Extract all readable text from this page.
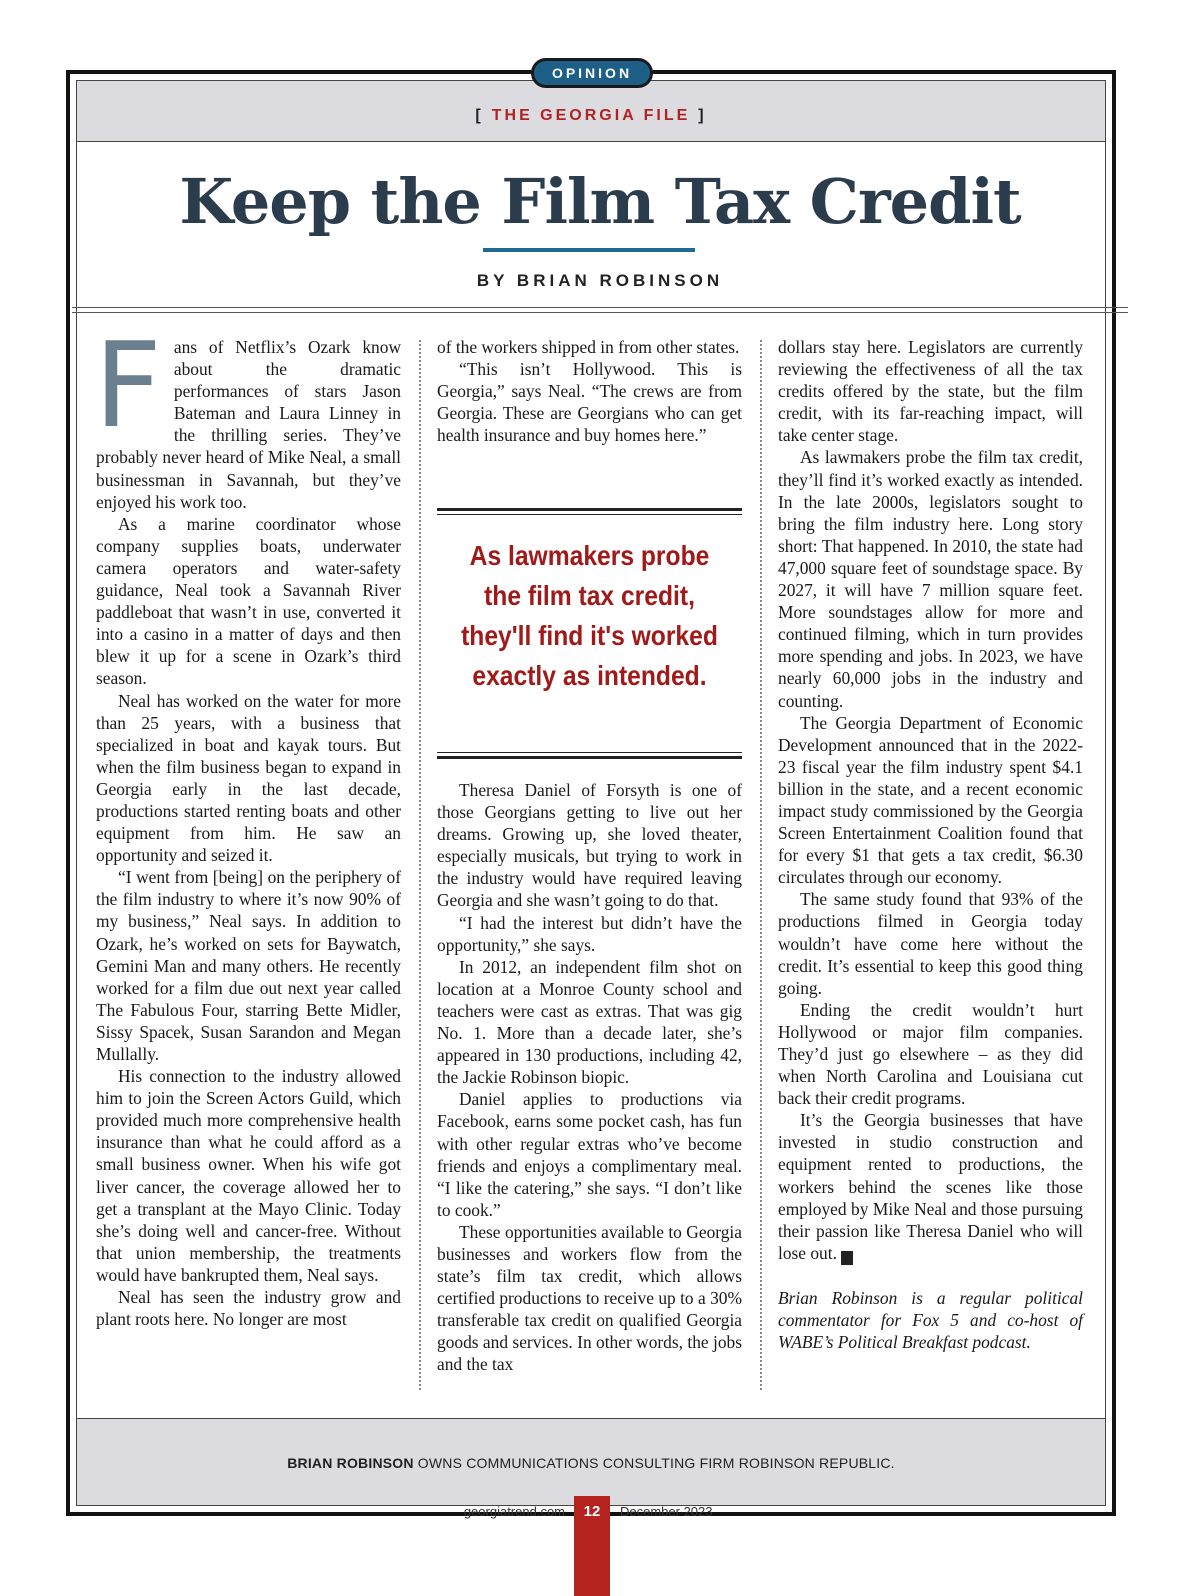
[ THE GEORGIA FILE ]
BRIAN ROBINSON OWNS COMMUNICATIONS CONSULTING FIRM ROBINSON REPUBLIC.
OPINION
Keep the Film Tax Credit
BY BRIAN ROBINSON

Fans of Netflix’s Ozark know about the dramatic performances of stars Jason Bateman and Laura Linney in the thrilling series. They’ve probably never heard of Mike Neal, a small businessman in Savannah, but they’ve enjoyed his work too.

As a marine coordinator whose company supplies boats, underwater camera operators and water-safety guidance, Neal took a Savannah River paddleboat that wasn’t in use, converted it into a casino in a matter of days and then blew it up for a scene in Ozark’s third season.

Neal has worked on the water for more than 25 years, with a business that specialized in boat and kayak tours. But when the film business began to expand in Georgia early in the last decade, productions started renting boats and other equipment from him. He saw an opportunity and seized it.

“I went from [being] on the periphery of the film industry to where it’s now 90% of my business,” Neal says. In addition to Ozark, he’s worked on sets for Baywatch, Gemini Man and many others. He recently worked for a film due out next year called The Fabulous Four, starring Bette Midler, Sissy Spacek, Susan Sarandon and Megan Mullally.

His connection to the industry allowed him to join the Screen Actors Guild, which provided much more comprehensive health insurance than what he could afford as a small business owner. When his wife got liver cancer, the coverage allowed her to get a transplant at the Mayo Clinic. Today she’s doing well and cancer-free. Without that union membership, the treatments would have bankrupted them, Neal says.

Neal has seen the industry grow and plant roots here. No longer are most

of the workers shipped in from other states.

“This isn’t Hollywood. This is Georgia,” says Neal. “The crews are from Georgia. These are Georgians who can get health insurance and buy homes here.”

As lawmakers probe the film tax credit, they'll find it's worked exactly as intended.

Theresa Daniel of Forsyth is one of those Georgians getting to live out her dreams. Growing up, she loved theater, especially musicals, but trying to work in the industry would have required leaving Georgia and she wasn’t going to do that.

“I had the interest but didn’t have the opportunity,” she says.

In 2012, an independent film shot on location at a Monroe County school and teachers were cast as extras. That was gig No. 1. More than a decade later, she’s appeared in 130 productions, including 42, the Jackie Robinson biopic.

Daniel applies to productions via Facebook, earns some pocket cash, has fun with other regular extras who’ve become friends and enjoys a complimentary meal. “I like the catering,” she says. “I don’t like to cook.”

These opportunities available to Georgia businesses and workers flow from the state’s film tax credit, which allows certified productions to receive up to a 30% transferable tax credit on qualified Georgia goods and services. In other words, the jobs and the tax

dollars stay here. Legislators are currently reviewing the effectiveness of all the tax credits offered by the state, but the film credit, with its far-reaching impact, will take center stage.

As lawmakers probe the film tax credit, they’ll find it’s worked exactly as intended. In the late 2000s, legislators sought to bring the film industry here. Long story short: That happened. In 2010, the state had 47,000 square feet of soundstage space. By 2027, it will have 7 million square feet. More soundstages allow for more and continued filming, which in turn provides more spending and jobs. In 2023, we have nearly 60,000 jobs in the industry and counting.

The Georgia Department of Economic Development announced that in the 2022-23 fiscal year the film industry spent $4.1 billion in the state, and a recent economic impact study commissioned by the Georgia Screen Entertainment Coalition found that for every $1 that gets a tax credit, $6.30 circulates through our economy.

The same study found that 93% of the productions filmed in Georgia today wouldn’t have come here without the credit. It’s essential to keep this good thing going.

Ending the credit wouldn’t hurt Hollywood or major film companies. They’d just go elsewhere – as they did when North Carolina and Louisiana cut back their credit programs.

It’s the Georgia businesses that have invested in studio construction and equipment rented to productions, the workers behind the scenes like those employed by Mike Neal and those pursuing their passion like Theresa Daniel who will lose out.	GT

Brian Robinson is a regular political commentator for Fox 5 and co-host of WABE’s Political Breakfast podcast.

georgiatrend.com	12	December 2023
